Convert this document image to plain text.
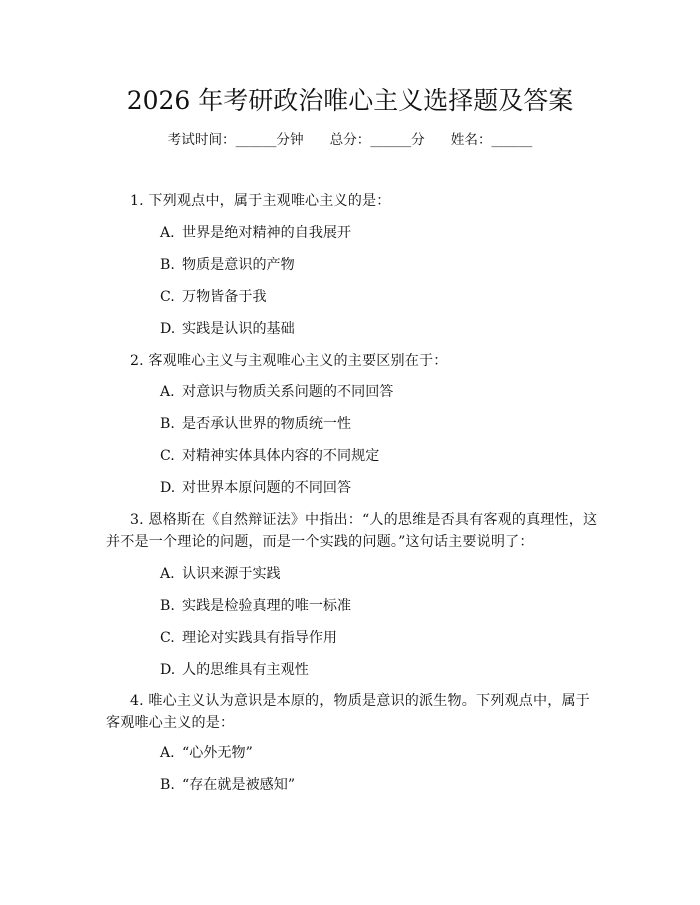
2026 年考研政治唯心主义选择题及答案
考试时间：______分钟 总分：______分 姓名：______
1. 下列观点中，属于主观唯心主义的是：
A. 世界是绝对精神的自我展开
B. 物质是意识的产物
C. 万物皆备于我
D. 实践是认识的基础
2. 客观唯心主义与主观唯心主义的主要区别在于：
A. 对意识与物质关系问题的不同回答
B. 是否承认世界的物质统一性
C. 对精神实体具体内容的不同规定
D. 对世界本原问题的不同回答
3. 恩格斯在《自然辩证法》中指出：“人的思维是否具有客观的真理性，这并不是一个理论的问题，而是一个实践的问题。”这句话主要说明了：
A. 认识来源于实践
B. 实践是检验真理的唯一标准
C. 理论对实践具有指导作用
D. 人的思维具有主观性
4. 唯心主义认为意识是本原的，物质是意识的派生物。下列观点中，属于客观唯心主义的是：
A. “心外无物”
B. “存在就是被感知”
